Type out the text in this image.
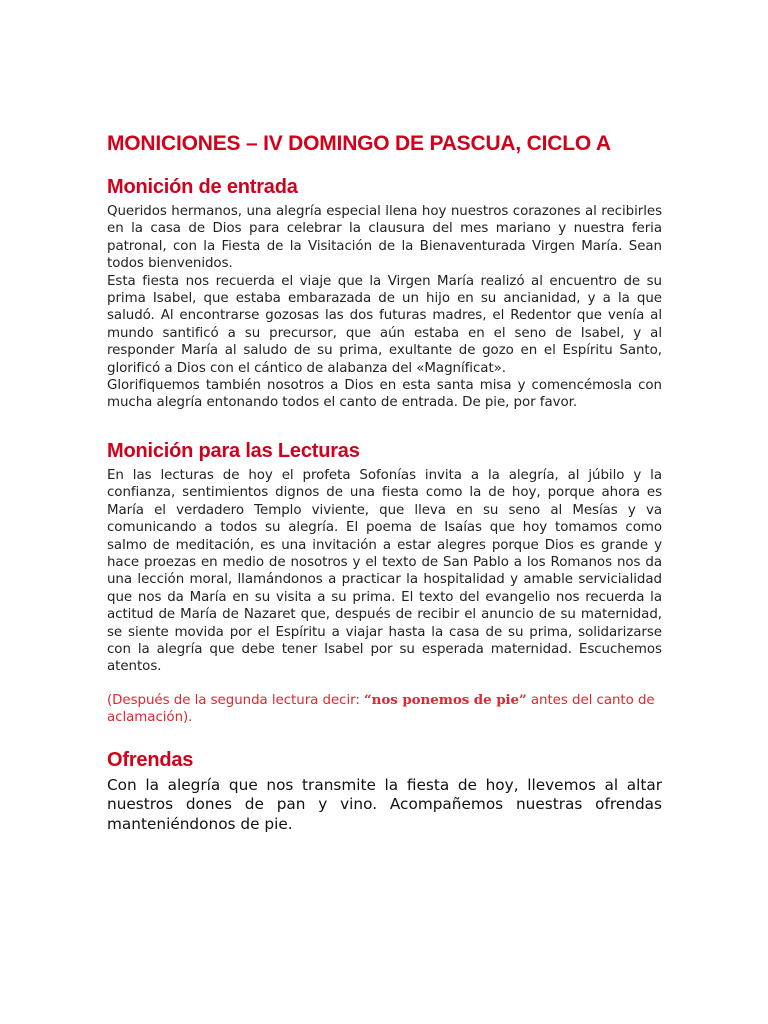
MONICIONES – IV DOMINGO DE PASCUA, CICLO A
Monición de entrada

Queridos hermanos, una alegría especial llena hoy nuestros corazones al recibirles en la casa de Dios para celebrar la clausura del mes mariano y nuestra feria patronal, con la Fiesta de la Visitación de la Bienaventurada Virgen María. Sean todos bienvenidos.

Esta fiesta nos recuerda el viaje que la Virgen María realizó al encuentro de su prima Isabel, que estaba embarazada de un hijo en su ancianidad, y a la que saludó. Al encontrarse gozosas las dos futuras madres, el Redentor que venía al mundo santificó a su precursor, que aún estaba en el seno de Isabel, y al responder María al saludo de su prima, exultante de gozo en el Espíritu Santo, glorificó a Dios con el cántico de alabanza del «Magníficat».

Glorifiquemos también nosotros a Dios en esta santa misa y comencémosla con mucha alegría entonando todos el canto de entrada. De pie, por favor.

Monición para las Lecturas

En las lecturas de hoy el profeta Sofonías invita a la alegría, al júbilo y la confianza, sentimientos dignos de una fiesta como la de hoy, porque ahora es María el verdadero Templo viviente, que lleva en su seno al Mesías y va comunicando a todos su alegría. El poema de Isaías que hoy tomamos como salmo de meditación, es una invitación a estar alegres porque Dios es grande y hace proezas en medio de nosotros y el texto de San Pablo a los Romanos nos da una lección moral, llamándonos a practicar la hospitalidad y amable servicialidad que nos da María en su visita a su prima. El texto del evangelio nos recuerda la actitud de María de Nazaret que, después de recibir el anuncio de su maternidad, se siente movida por el Espíritu a viajar hasta la casa de su prima, solidarizarse con la alegría que debe tener Isabel por su esperada maternidad. Escuchemos atentos.

(Después de la segunda lectura decir: “nos ponemos de pie” antes del canto de aclamación).

Ofrendas

Con la alegría que nos transmite la fiesta de hoy, llevemos al altar nuestros dones de pan y vino. Acompañemos nuestras ofrendas manteniéndonos de pie.
